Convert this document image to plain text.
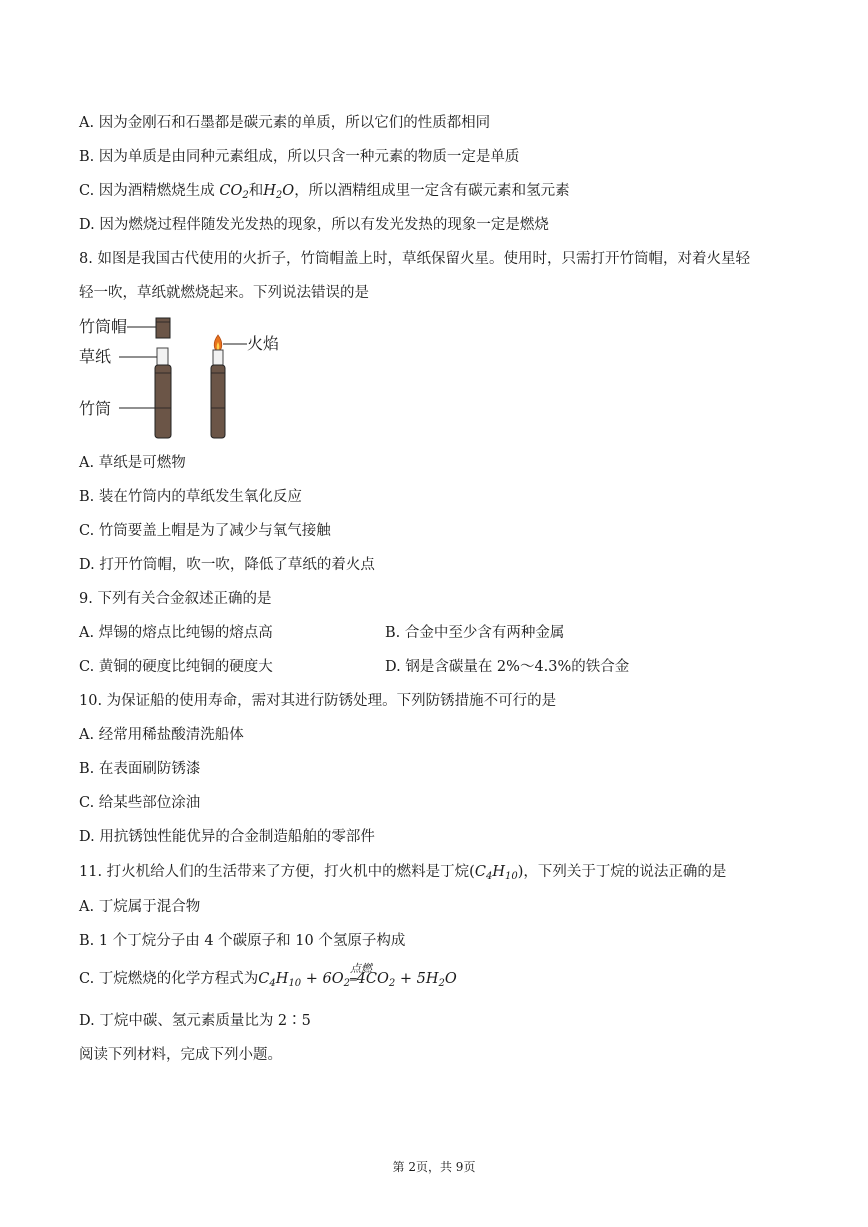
A. 因为金刚石和石墨都是碳元素的单质，所以它们的性质都相同
B. 因为单质是由同种元素组成，所以只含一种元素的物质一定是单质
C. 因为酒精燃烧生成 $CO_2$和$H_2O$，所以酒精组成里一定含有碳元素和氢元素
D. 因为燃烧过程伴随发光发热的现象，所以有发光发热的现象一定是燃烧
8. 如图是我国古代使用的火折子，竹筒帽盖上时，草纸保留火星。使用时，只需打开竹筒帽，对着火星轻
轻一吹，草纸就燃烧起来。下列说法错误的是
竹筒帽
草纸
竹筒
火焰
A. 草纸是可燃物
B. 装在竹筒内的草纸发生氧化反应
C. 竹筒要盖上帽是为了减少与氧气接触
D. 打开竹筒帽，吹一吹，降低了草纸的着火点
9. 下列有关合金叙述正确的是
A. 焊锡的熔点比纯锡的熔点高	B. 合金中至少含有两种金属
C. 黄铜的硬度比纯铜的硬度大	D. 钢是含碳量在 2%～4.3%的铁合金
10. 为保证船的使用寿命，需对其进行防锈处理。下列防锈措施不可行的是
A. 经常用稀盐酸清洗船体
B. 在表面刷防锈漆
C. 给某些部位涂油
D. 用抗锈蚀性能优异的合金制造船舶的零部件
11. 打火机给人们的生活带来了方便，打火机中的燃料是丁烷$(C_4H_{10})$，下列关于丁烷的说法正确的是
A. 丁烷属于混合物
B. 1 个丁烷分子由 4 个碳原子和 10 个氢原子构成
C. 丁烷燃烧的化学方程式为$C_4H_{10} + 6O_2$
点燃
$═4CO_2 + 5H_2O$
D. 丁烷中碳、氢元素质量比为 2∶5
阅读下列材料，完成下列小题。
第 2页，共 9页
